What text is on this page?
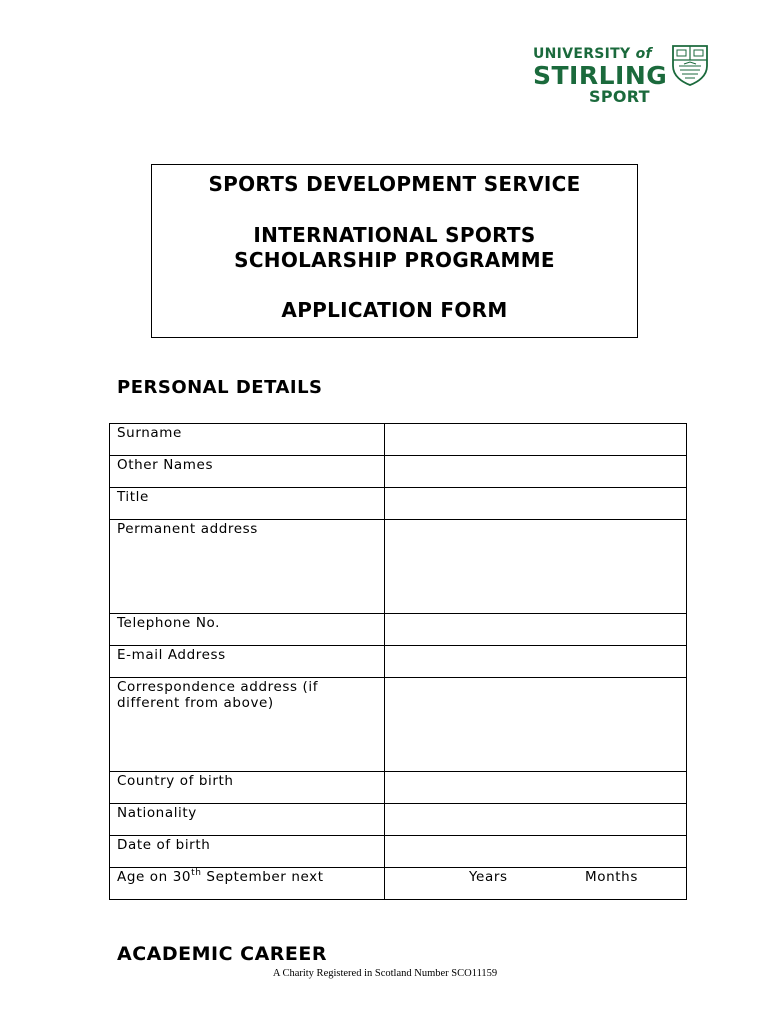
UNIVERSITY of
STIRLING
SPORT
SPORTS DEVELOPMENT SERVICE
INTERNATIONAL SPORTS
SCHOLARSHIP PROGRAMME
APPLICATION FORM
PERSONAL DETAILS
Surname	
Other Names	
Title	
Permanent address	
Telephone No.	
E-mail Address	
Correspondence address (if different from above)	
Country of birth	
Nationality	
Date of birth	
Age on 30th September next	Years Months
ACADEMIC CAREER
A Charity Registered in Scotland Number SCO11159
